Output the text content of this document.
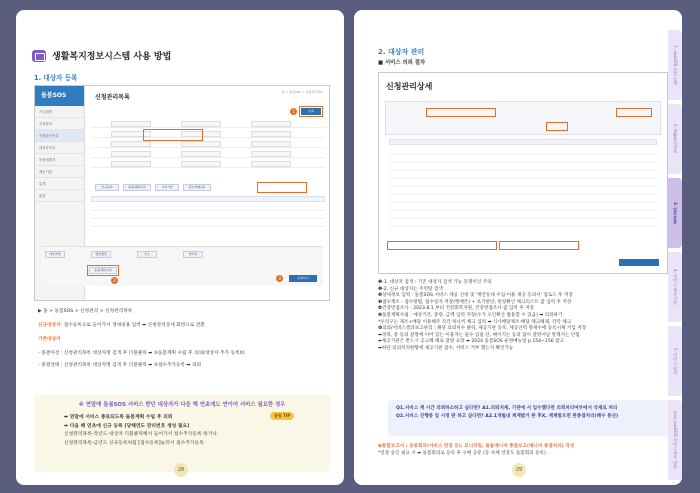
생활복지정보시스템 사용 방법
1. 대상자 등록
돌봄SOS
기금대비
신청관리
신청관리목록
대상자목록
돌봄계획서
제공기관
통계
환경
신청관리목록
홈 > 돌봄SOS > 신청관리목록
조회
1
신규등록	돌봄계획수립	사유기한	접수상태(중)
대상자명	생년월일	주소	연락처
돌봄계획수립
2	조회하기
3
▶ 홈 > 돌봄SOS > 신청관리 > 신청관리목록
신규대상자: 접수등록으로 들어가서 생세내용 입력 ➡ 신청관리상세 화면으로 전환
기존대상자
- 종결이전 : 신청관리목록 대상자명 검색 후 더블클릭 ➡ ③돌봄계획 수립 후 의뢰(대상자 추가 등록X)
- 종결상태 : 신청관리목록 대상자명 검색 후 더블클릭 ➡ ③접수추가등록 ➡ 의뢰
※ 연말에 돌봄SOS 서비스 받던 대상자가 다음 해 연초에도 연이어 서비스 필요한 경우
꿀팁 TIP
➡ 연말에 서비스 종료되도록 돌봄계획 수립 후 의뢰
➡ 다음 해 연초에 신규 등록 (당해연도 관리번호 생성 필요)
신청관리목록-작년도 대상자 더블클릭해서 들어가서 접수추가등록 하거나
신청관리목록-금년도 신규등록처럼 [접수등록]눌러서 접수추가등록
28
2. 대상자 관리
■ 서비스 의뢰 절차
신청관리상세
❶-1. 대상자 검색 : 기존 대상자 검색 가능 동명이인 주의
❶-2. 신규 대상자는 주민탕 검색
❷상세정보 입력 : 돌봄SOS 서비스 제공 신청 및 '제안동네 수입·이용 제공 동의서' 업로드 후 저장
❸접수계조 : 접수방법, 접수일자 저장(행배픈) + 초기판단, 현장확인 체크리스트 값 입력 후 저장
❹건강면접조사 : 2023.8.1.부터 건강회복지원, 건강면접조사 값 입력 후 저장
❺돌봄계획수립 : 예상기간, 총량, 금액 입력 저장(수가 오인확산 활용할 수 있음) ➡ 의뢰하기
*우리구는 제조+배당 이용해주 각각 하나씩 체크 입력 ➡ 식사배달제조·배당 체크해제, 각각 체크
❻의뢰/서비스결과보고관리 : 해당 의뢰처수 클릭, 제공기관 등록, 제공인력 명세수에 등록시체 기입 저장
➡경력, 총 등의 갈망에 이어 있는 이용자는 필수 입필 단, 메이지는 동의 없이 갈망서날 알렉서는 안됨
➡제공기관은 반드시 공고해 해로 갈망 요망 ➡ 2024 돌봄SOS 운영매뉴얼 p.154~156 참고
➡하단 의뢰처리현황에 제공기관 접수, 서비스 거부 했는지 확인가능
Q1.서비스 계 시간 의뢰하소하고 싶다면? A1.의뢰처제, 기관에 서 입수했다면 의뢰처리여부에서 삭제로 처리
Q2.서비스 진행중 일 시정 판 하고 싶다면? A2.1개월내 계계발거 판 후X, 계계발으면 판종결처리(해수 통산)
❼통합보고서 : 동봉회의(서비스 연장 등), 모니터링, 돌봄매니저 종결보고(매니저 종결처리) 작성
*연장 승인 필요 시 ➡ 돌봄회의로 등록 후 구매 공문 (동 차체 연장도 돌봄회의 등록)
1. 돌봄SOS 사업 소개
2. 생활복지정보
3. 업무흐름
4. 서비스 제공 기관
5. 서비스 관리
부록 돌봄SOS 서비스 세부 내용
29
